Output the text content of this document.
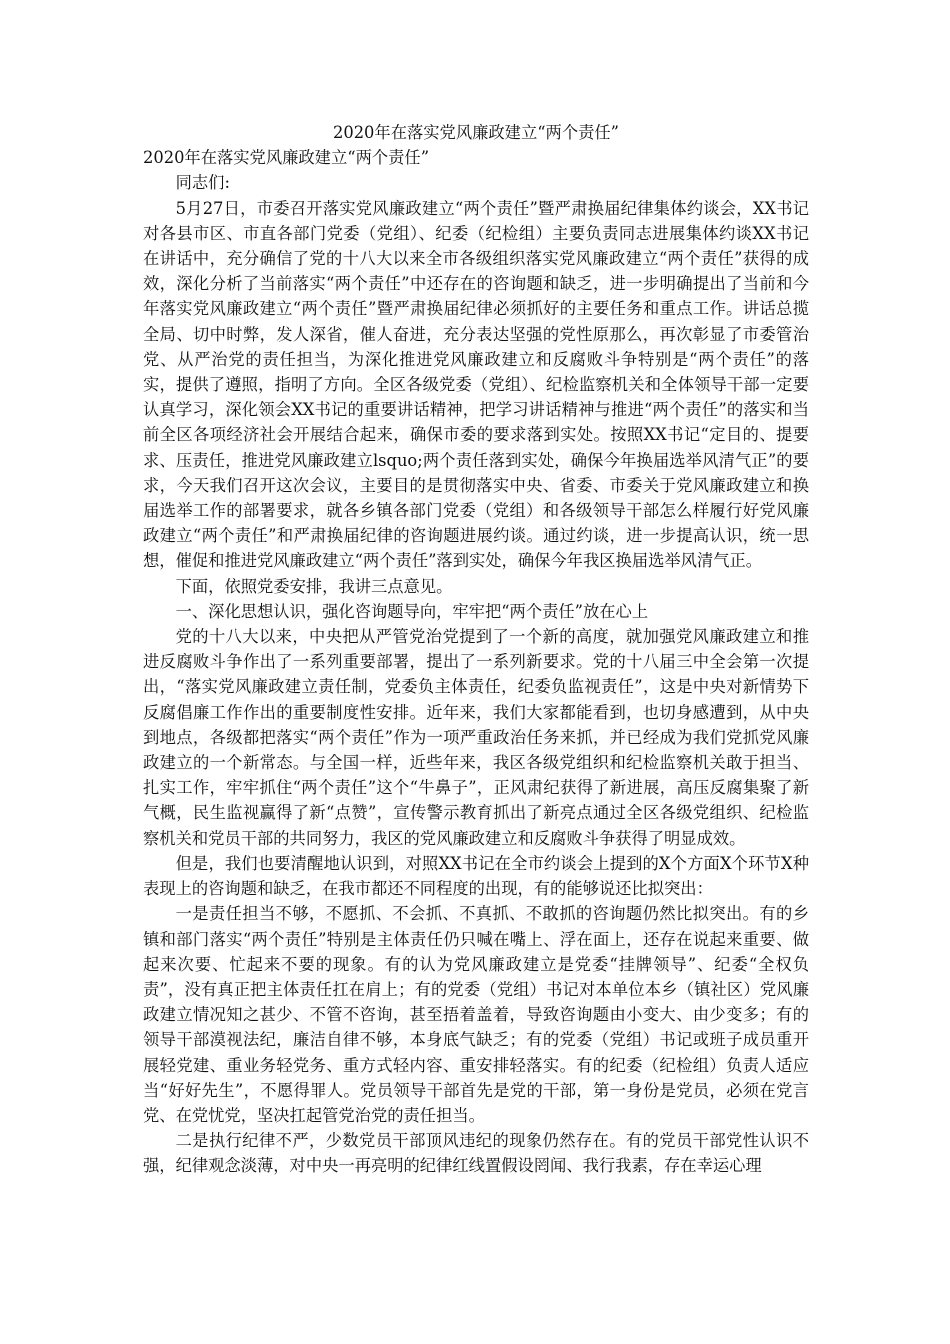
2020年在落实党风廉政建立“两个责任”

2020年在落实党风廉政建立“两个责任”

同志们:

5月27日，市委召开落实党风廉政建立“两个责任”暨严肃换届纪律集体约谈会，XX书记对各县市区、市直各部门党委（党组）、纪委（纪检组）主要负责同志进展集体约谈XX书记在讲话中，充分确信了党的十八大以来全市各级组织落实党风廉政建立“两个责任”获得的成效，深化分析了当前落实“两个责任”中还存在的咨询题和缺乏，进一步明确提出了当前和今年落实党风廉政建立“两个责任”暨严肃换届纪律必须抓好的主要任务和重点工作。讲话总揽全局、切中时弊，发人深省，催人奋进，充分表达坚强的党性原那么，再次彰显了市委管治党、从严治党的责任担当，为深化推进党风廉政建立和反腐败斗争特别是“两个责任”的落实，提供了遵照，指明了方向。全区各级党委（党组）、纪检监察机关和全体领导干部一定要认真学习，深化领会XX书记的重要讲话精神，把学习讲话精神与推进“两个责任”的落实和当前全区各项经济社会开展结合起来，确保市委的要求落到实处。按照XX书记“定目的、提要求、压责任，推进党风廉政建立lsquo;两个责任落到实处，确保今年换届选举风清气正”的要求，今天我们召开这次会议，主要目的是贯彻落实中央、省委、市委关于党风廉政建立和换届选举工作的部署要求，就各乡镇各部门党委（党组）和各级领导干部怎么样履行好党风廉政建立“两个责任”和严肃换届纪律的咨询题进展约谈。通过约谈，进一步提高认识，统一思想，催促和推进党风廉政建立“两个责任”落到实处，确保今年我区换届选举风清气正。

下面，依照党委安排，我讲三点意见。

一、深化思想认识，强化咨询题导向，牢牢把“两个责任”放在心上

党的十八大以来，中央把从严管党治党提到了一个新的高度，就加强党风廉政建立和推进反腐败斗争作出了一系列重要部署，提出了一系列新要求。党的十八届三中全会第一次提出，“落实党风廉政建立责任制，党委负主体责任，纪委负监视责任”，这是中央对新情势下反腐倡廉工作作出的重要制度性安排。近年来，我们大家都能看到，也切身感遭到，从中央到地点，各级都把落实“两个责任”作为一项严重政治任务来抓，并已经成为我们党抓党风廉政建立的一个新常态。与全国一样，近些年来，我区各级党组织和纪检监察机关敢于担当、扎实工作，牢牢抓住“两个责任”这个“牛鼻子”，正风肃纪获得了新进展，高压反腐集聚了新气概，民生监视赢得了新“点赞”，宣传警示教育抓出了新亮点通过全区各级党组织、纪检监察机关和党员干部的共同努力，我区的党风廉政建立和反腐败斗争获得了明显成效。

但是，我们也要清醒地认识到，对照XX书记在全市约谈会上提到的X个方面X个环节X种表现上的咨询题和缺乏，在我市都还不同程度的出现，有的能够说还比拟突出：

一是责任担当不够，不愿抓、不会抓、不真抓、不敢抓的咨询题仍然比拟突出。有的乡镇和部门落实“两个责任”特别是主体责任仍只喊在嘴上、浮在面上，还存在说起来重要、做起来次要、忙起来不要的现象。有的认为党风廉政建立是党委“挂牌领导”、纪委“全权负责”，没有真正把主体责任扛在肩上；有的党委（党组）书记对本单位本乡（镇社区）党风廉政建立情况知之甚少、不管不咨询，甚至捂着盖着，导致咨询题由小变大、由少变多；有的领导干部漠视法纪，廉洁自律不够，本身底气缺乏；有的党委（党组）书记或班子成员重开展轻党建、重业务轻党务、重方式轻内容、重安排轻落实。有的纪委（纪检组）负责人适应当“好好先生”，不愿得罪人。党员领导干部首先是党的干部，第一身份是党员，必须在党言党、在党忧党，坚决扛起管党治党的责任担当。

二是执行纪律不严，少数党员干部顶风违纪的现象仍然存在。有的党员干部党性认识不强，纪律观念淡薄，对中央一再亮明的纪律红线置假设罔闻、我行我素，存在幸运心理
